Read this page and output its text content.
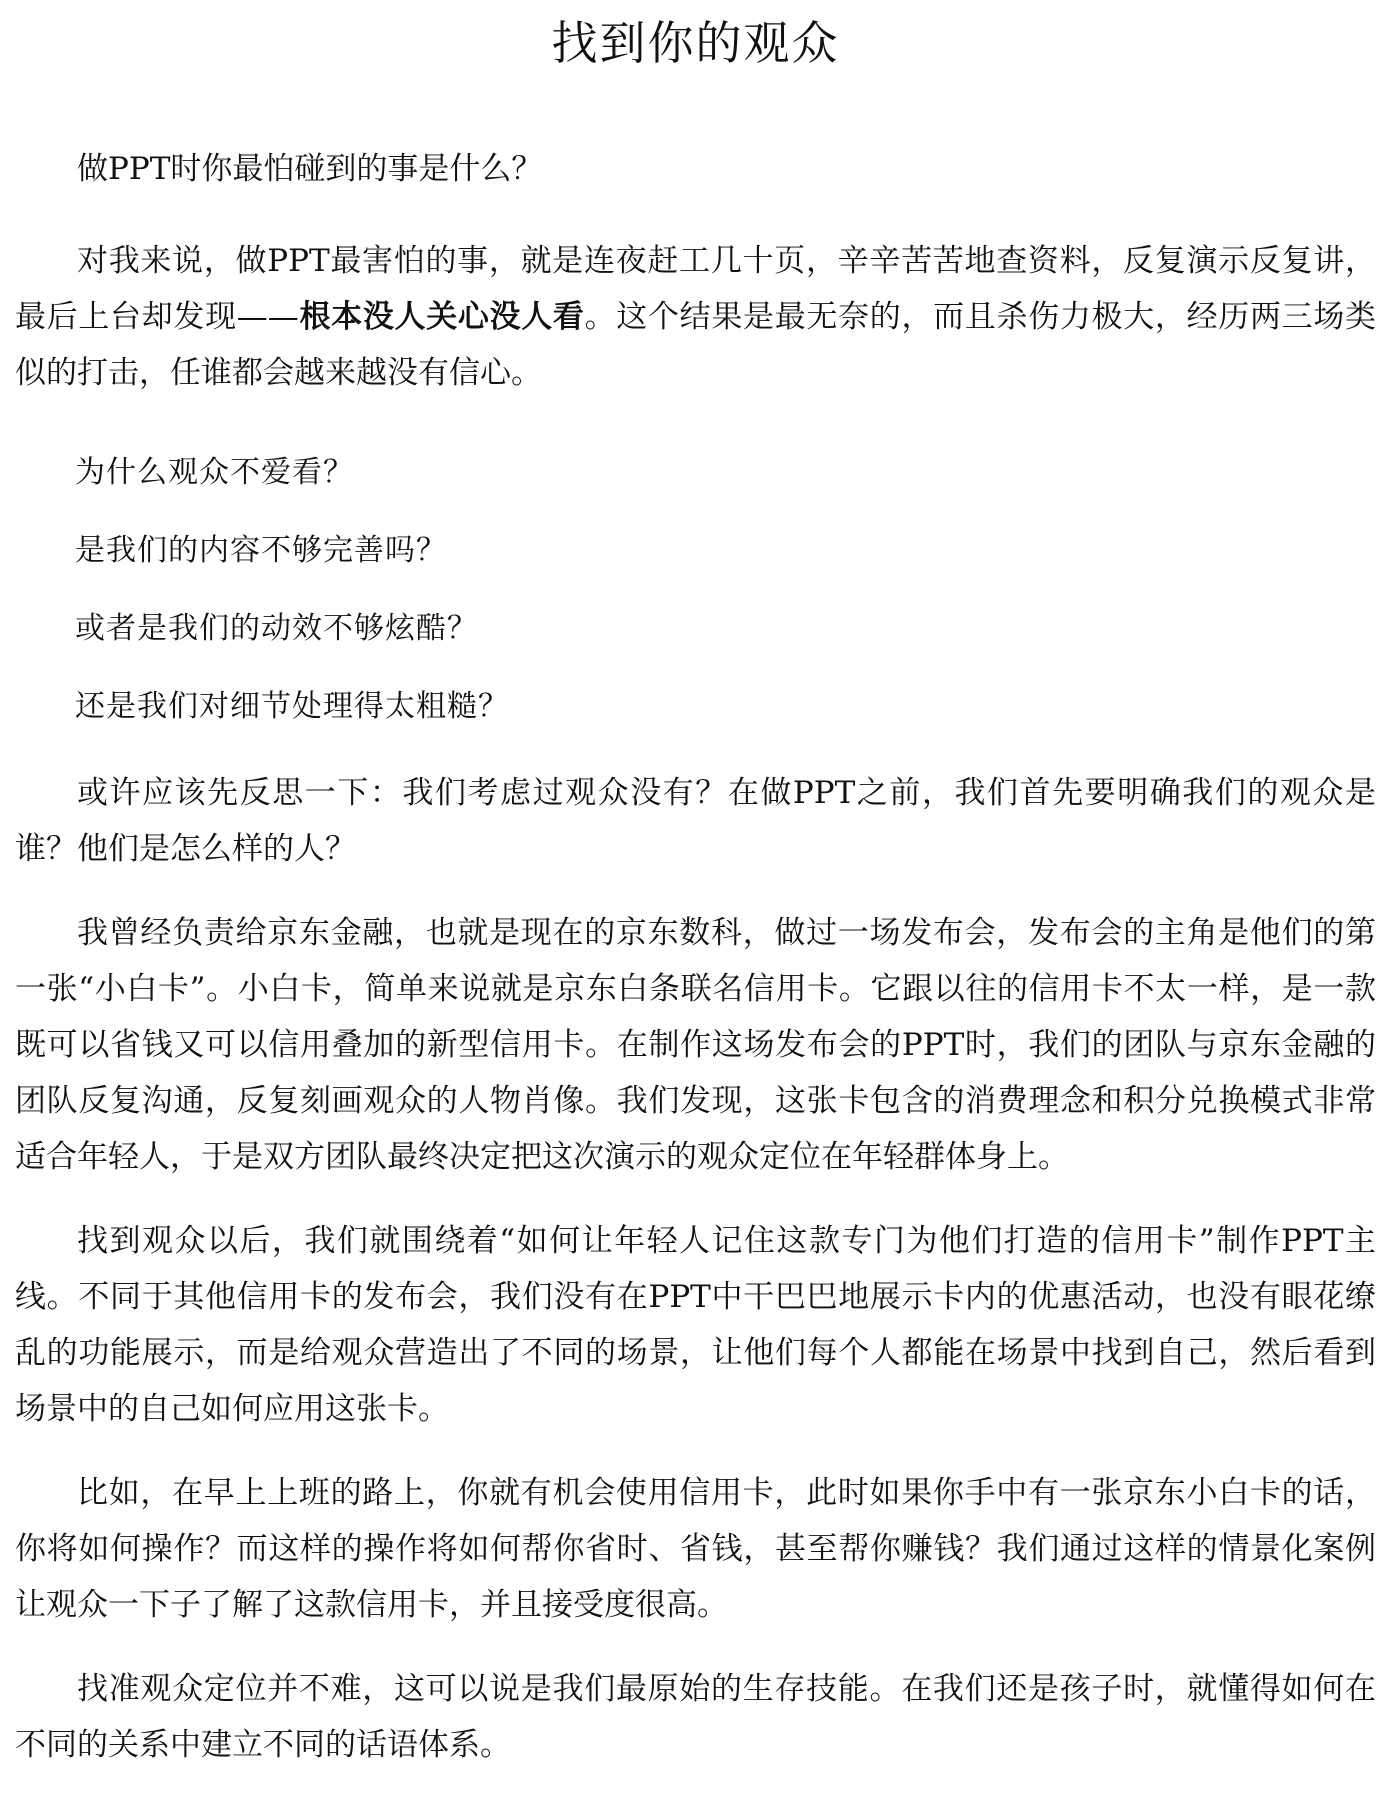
找到你的观众

做PPT时你最怕碰到的事是什么？

对我来说，做PPT最害怕的事，就是连夜赶工几十页，辛辛苦苦地查资料，反复演示反复讲，最后上台却发现——根本没人关心没人看。这个结果是最无奈的，而且杀伤力极大，经历两三场类似的打击，任谁都会越来越没有信心。

为什么观众不爱看？

是我们的内容不够完善吗？

或者是我们的动效不够炫酷？

还是我们对细节处理得太粗糙？

或许应该先反思一下：我们考虑过观众没有？在做PPT之前，我们首先要明确我们的观众是谁？他们是怎么样的人？

我曾经负责给京东金融，也就是现在的京东数科，做过一场发布会，发布会的主角是他们的第一张“小白卡”。小白卡，简单来说就是京东白条联名信用卡。它跟以往的信用卡不太一样，是一款既可以省钱又可以信用叠加的新型信用卡。在制作这场发布会的PPT时，我们的团队与京东金融的团队反复沟通，反复刻画观众的人物肖像。我们发现，这张卡包含的消费理念和积分兑换模式非常适合年轻人，于是双方团队最终决定把这次演示的观众定位在年轻群体身上。

找到观众以后，我们就围绕着“如何让年轻人记住这款专门为他们打造的信用卡”制作PPT主线。不同于其他信用卡的发布会，我们没有在PPT中干巴巴地展示卡内的优惠活动，也没有眼花缭乱的功能展示，而是给观众营造出了不同的场景，让他们每个人都能在场景中找到自己，然后看到场景中的自己如何应用这张卡。

比如，在早上上班的路上，你就有机会使用信用卡，此时如果你手中有一张京东小白卡的话，你将如何操作？而这样的操作将如何帮你省时、省钱，甚至帮你赚钱？我们通过这样的情景化案例让观众一下子了解了这款信用卡，并且接受度很高。

找准观众定位并不难，这可以说是我们最原始的生存技能。在我们还是孩子时，就懂得如何在不同的关系中建立不同的话语体系。
